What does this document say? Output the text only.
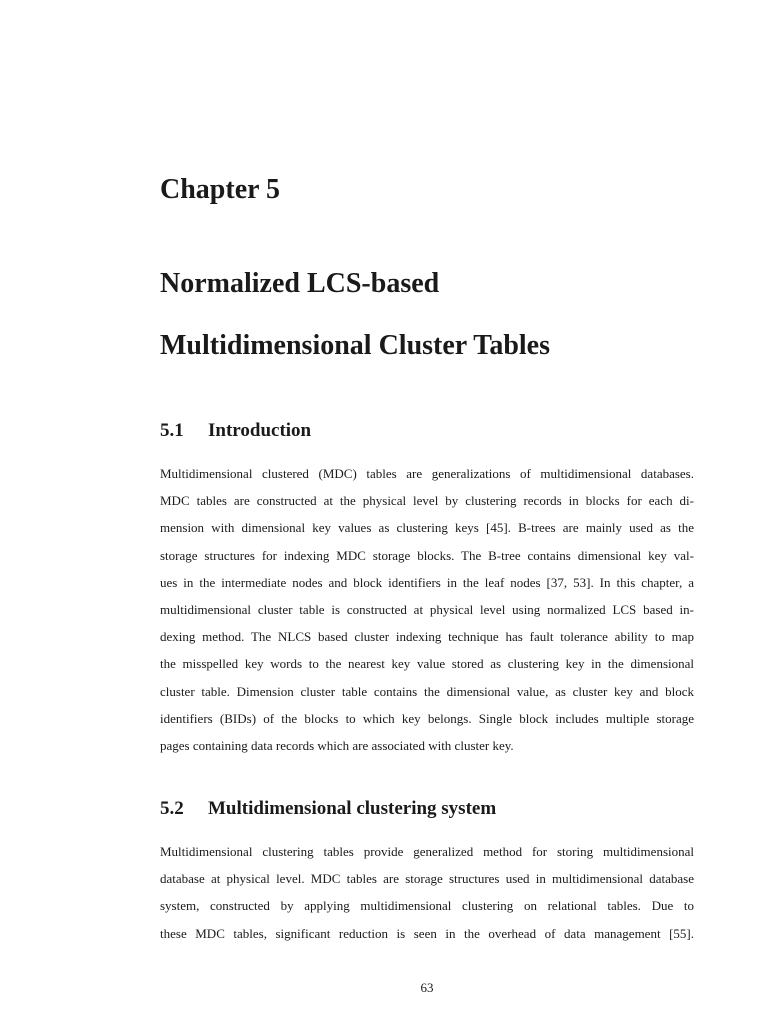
Chapter 5
Normalized LCS-based
Multidimensional Cluster Tables
5.1 Introduction

Multidimensional clustered (MDC) tables are generalizations of multidimensional databases.
MDC tables are constructed at the physical level by clustering records in blocks for each di-
mension with dimensional key values as clustering keys [45]. B-trees are mainly used as the
storage structures for indexing MDC storage blocks. The B-tree contains dimensional key val-
ues in the intermediate nodes and block identifiers in the leaf nodes [37, 53]. In this chapter, a
multidimensional cluster table is constructed at physical level using normalized LCS based in-
dexing method. The NLCS based cluster indexing technique has fault tolerance ability to map
the misspelled key words to the nearest key value stored as clustering key in the dimensional
cluster table. Dimension cluster table contains the dimensional value, as cluster key and block
identifiers (BIDs) of the blocks to which key belongs. Single block includes multiple storage
pages containing data records which are associated with cluster key.

5.2 Multidimensional clustering system

Multidimensional clustering tables provide generalized method for storing multidimensional
database at physical level. MDC tables are storage structures used in multidimensional database
system, constructed by applying multidimensional clustering on relational tables. Due to
these MDC tables, significant reduction is seen in the overhead of data management [55].

63
